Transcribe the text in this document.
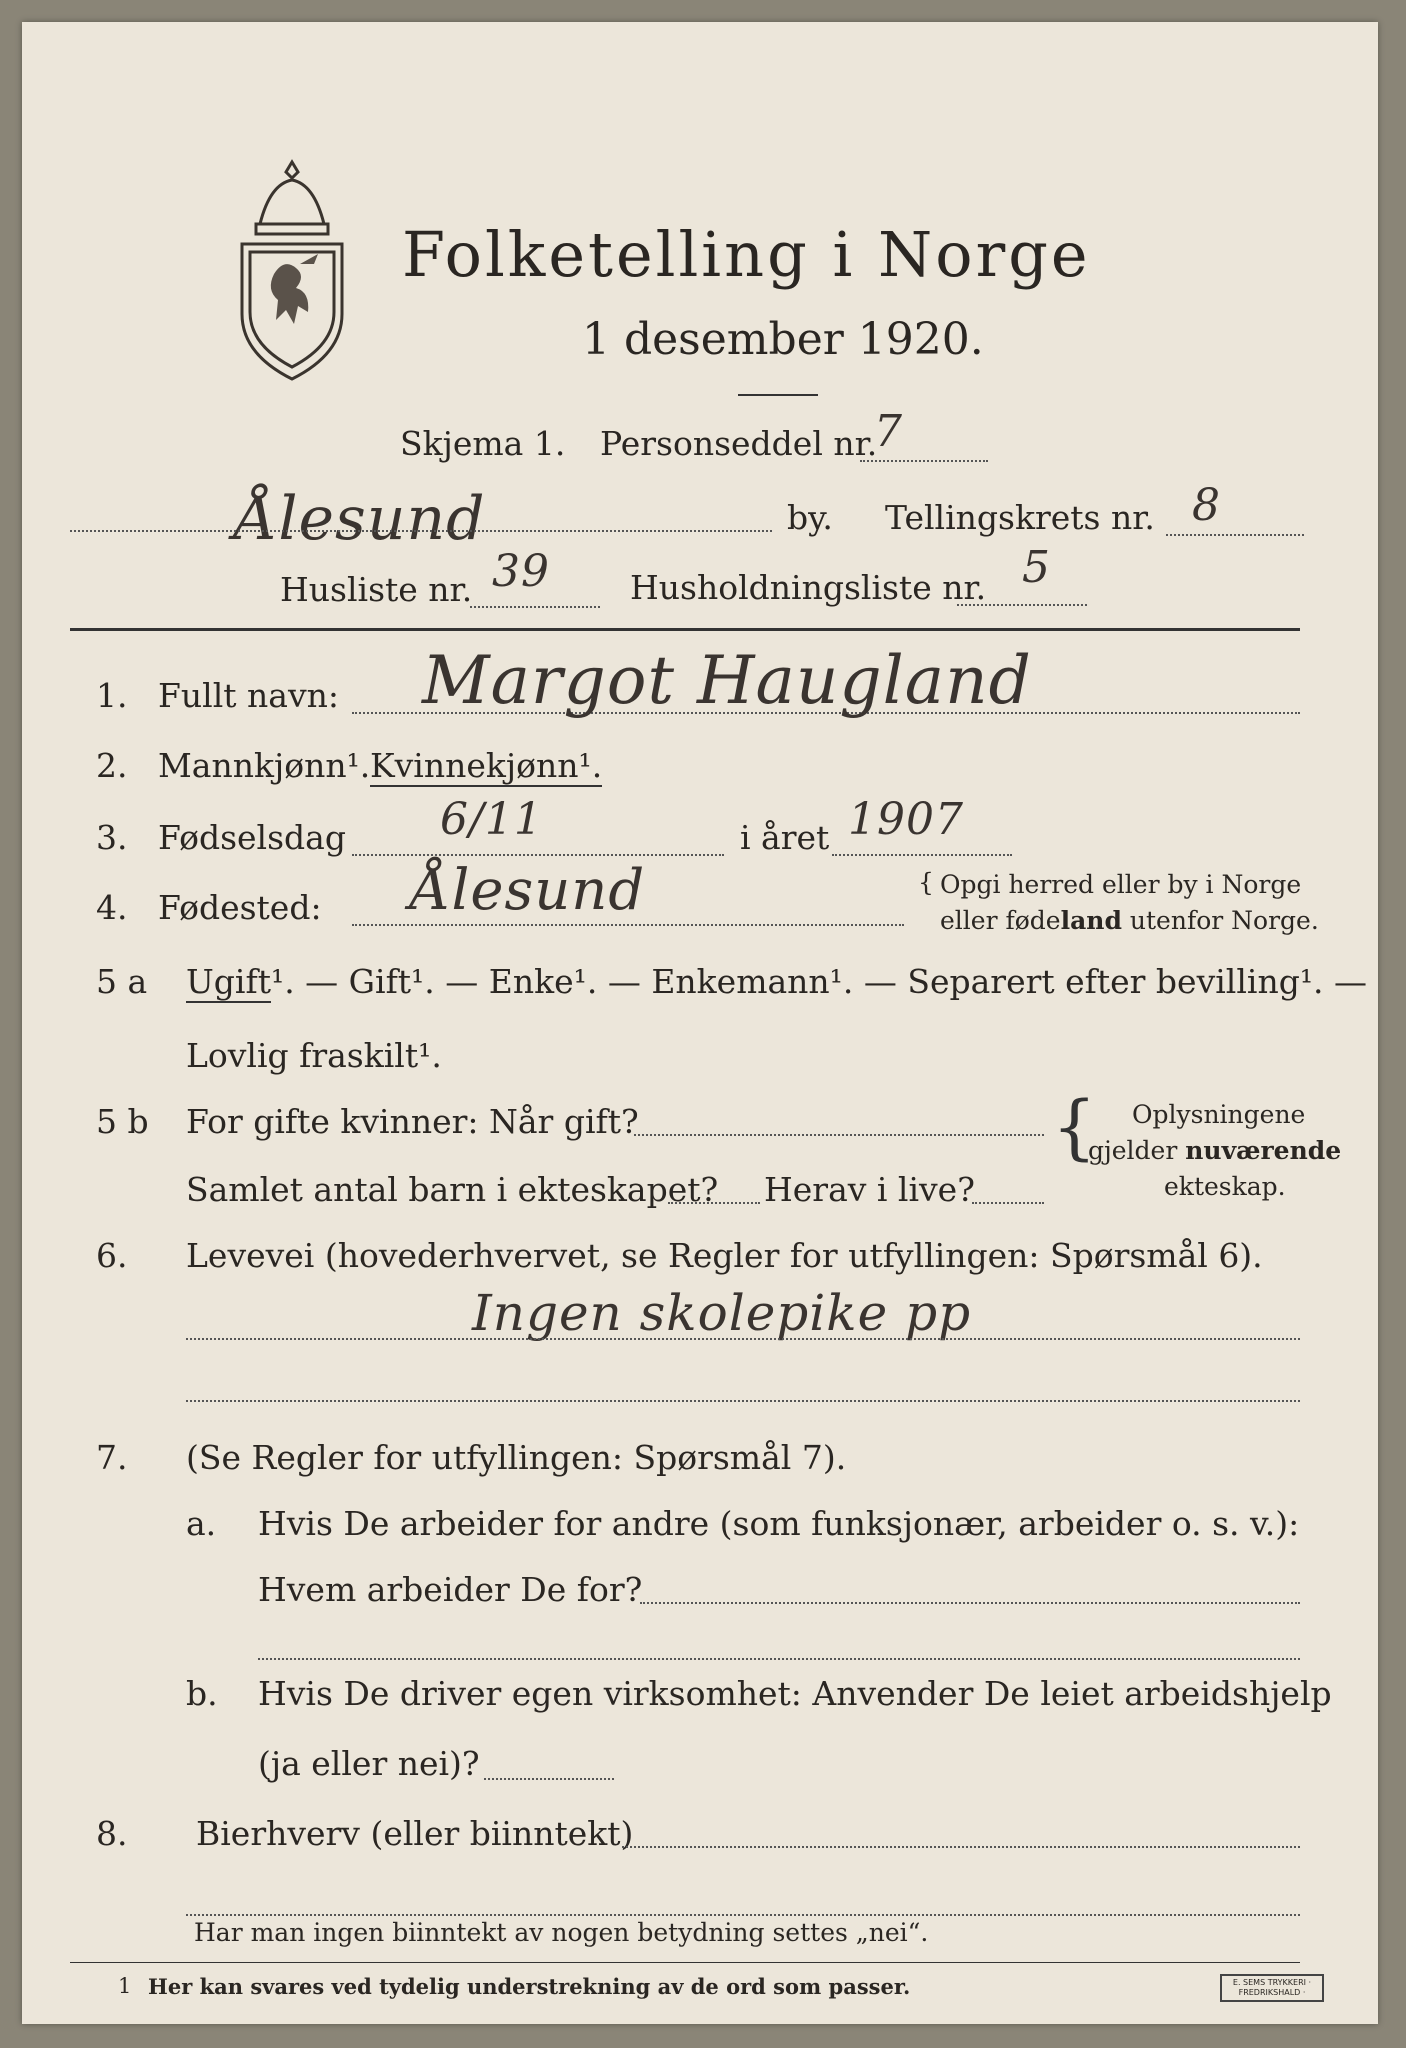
Folketelling i Norge
1 desember 1920.
Skjema 1. Personseddel nr.
7
Ålesund	by. Tellingskrets nr. 8
Husliste nr. 39 Husholdningsliste nr. 5
1. Fullt navn: Margot Haugland
2. Mannkjønn¹. Kvinnekjønn¹.
3. Fødselsdag 6/11	i året 1907
4. Fødested: Ålesund	{ Opgi herred eller by i Norge
eller fødeland utenfor Norge.
5 a Ugift¹. — Gift¹. — Enke¹. — Enkemann¹. — Separert efter bevilling¹. —
Lovlig fraskilt¹.
5 b For gifte kvinner: Når gift?
Samlet antal barn i ekteskapet? Herav i live?
{ Oplysningene
gjelder nuværende
ekteskap.
6. Levevei (hovederhvervet, se Regler for utfyllingen: Spørsmål 6).
Ingen skolepike pp
7. (Se Regler for utfyllingen: Spørsmål 7).
a. Hvis De arbeider for andre (som funksjonær, arbeider o. s. v.):
Hvem arbeider De for?
b. Hvis De driver egen virksomhet: Anvender De leiet arbeidshjelp
(ja eller nei)?
8. Bierhverv (eller biinntekt)
Har man ingen biinntekt av nogen betydning settes „nei“.
1 Her kan svares ved tydelig understrekning av de ord som passer.	E. SEMS TRYKKERI · FREDRIKSHALD ·
